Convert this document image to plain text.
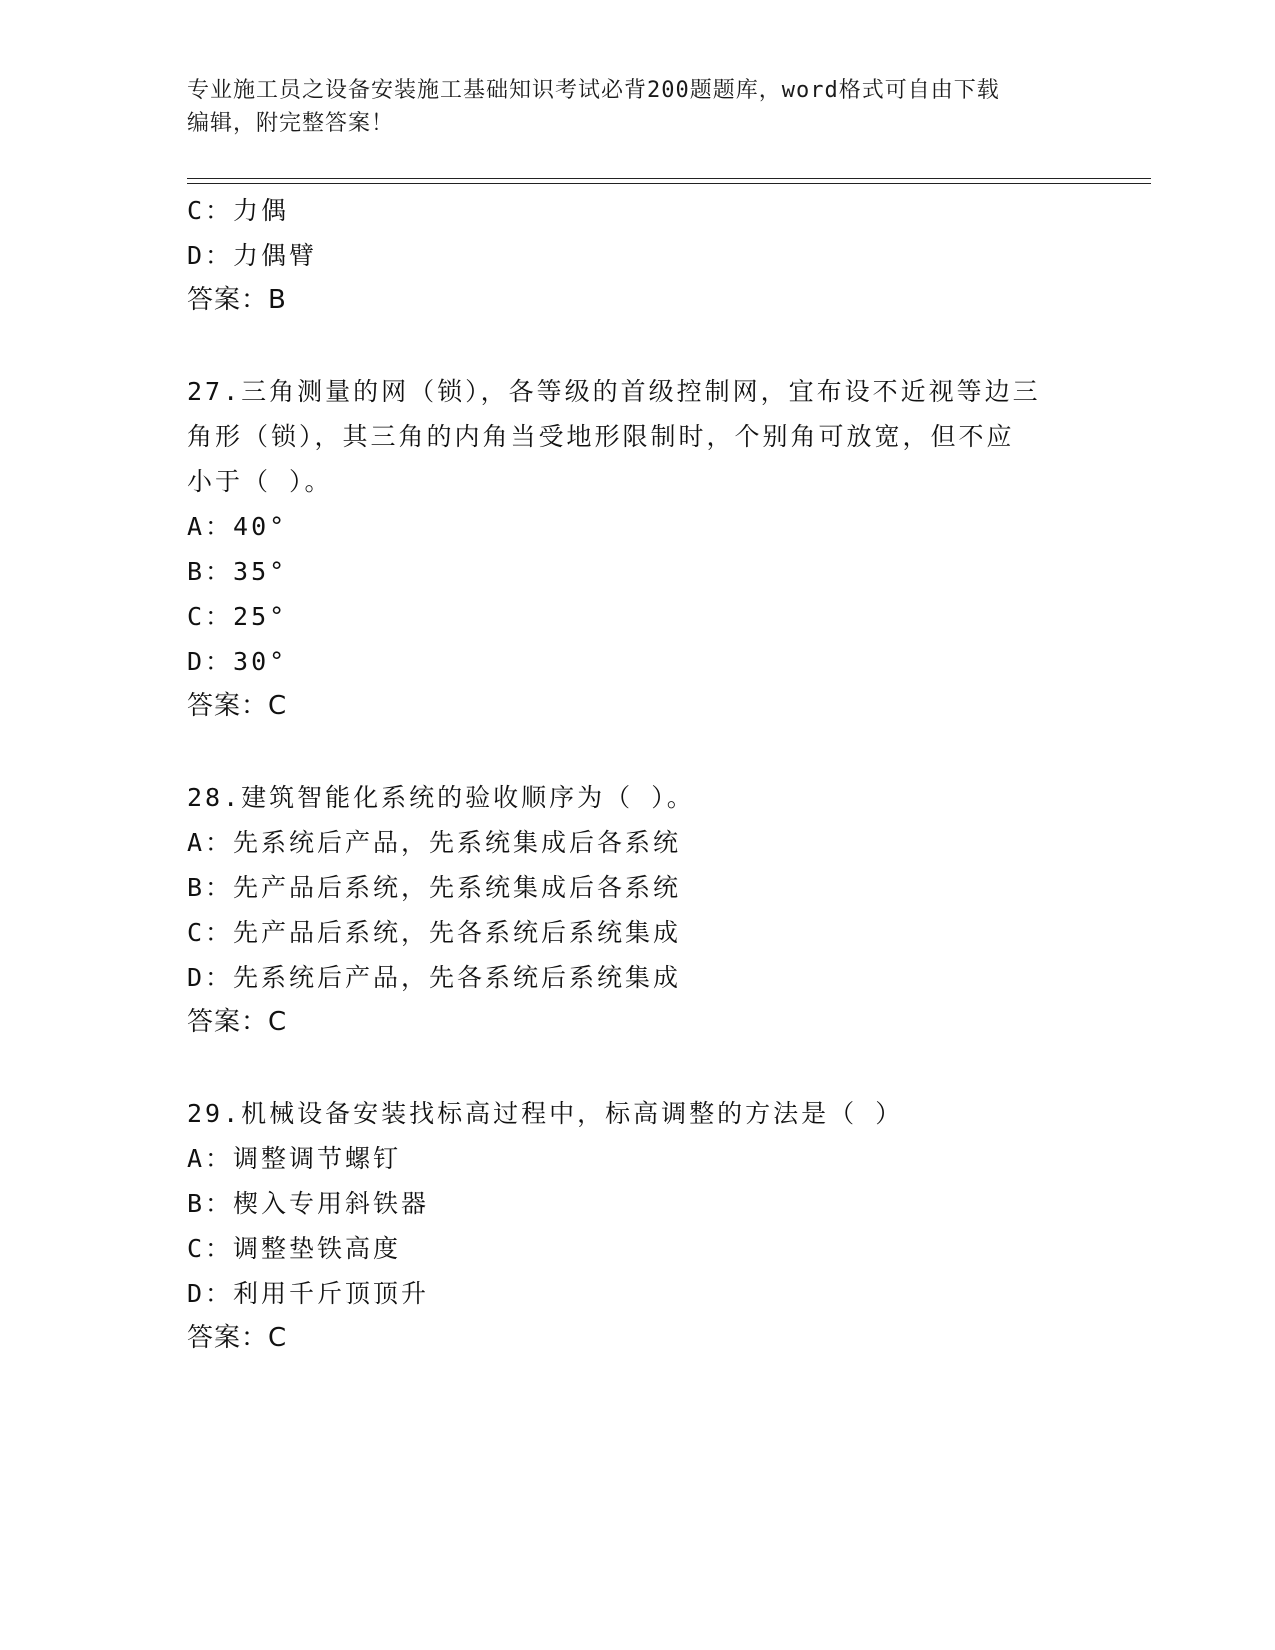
专业施工员之设备安装施工基础知识考试必背200题题库，word格式可自由下载
编辑，附完整答案！
C：力偶
D：力偶臂
答案：B
27.三角测量的网（锁），各等级的首级控制网，宜布设不近视等边三
角形（锁），其三角的内角当受地形限制时，个别角可放宽，但不应
小于（ ）。
A：40°
B：35°
C：25°
D：30°
答案：C
28.建筑智能化系统的验收顺序为（ ）。
A：先系统后产品，先系统集成后各系统
B：先产品后系统，先系统集成后各系统
C：先产品后系统，先各系统后系统集成
D：先系统后产品，先各系统后系统集成
答案：C
29.机械设备安装找标高过程中，标高调整的方法是（ ）
A：调整调节螺钉
B：楔入专用斜铁器
C：调整垫铁高度
D：利用千斤顶顶升
答案：C
